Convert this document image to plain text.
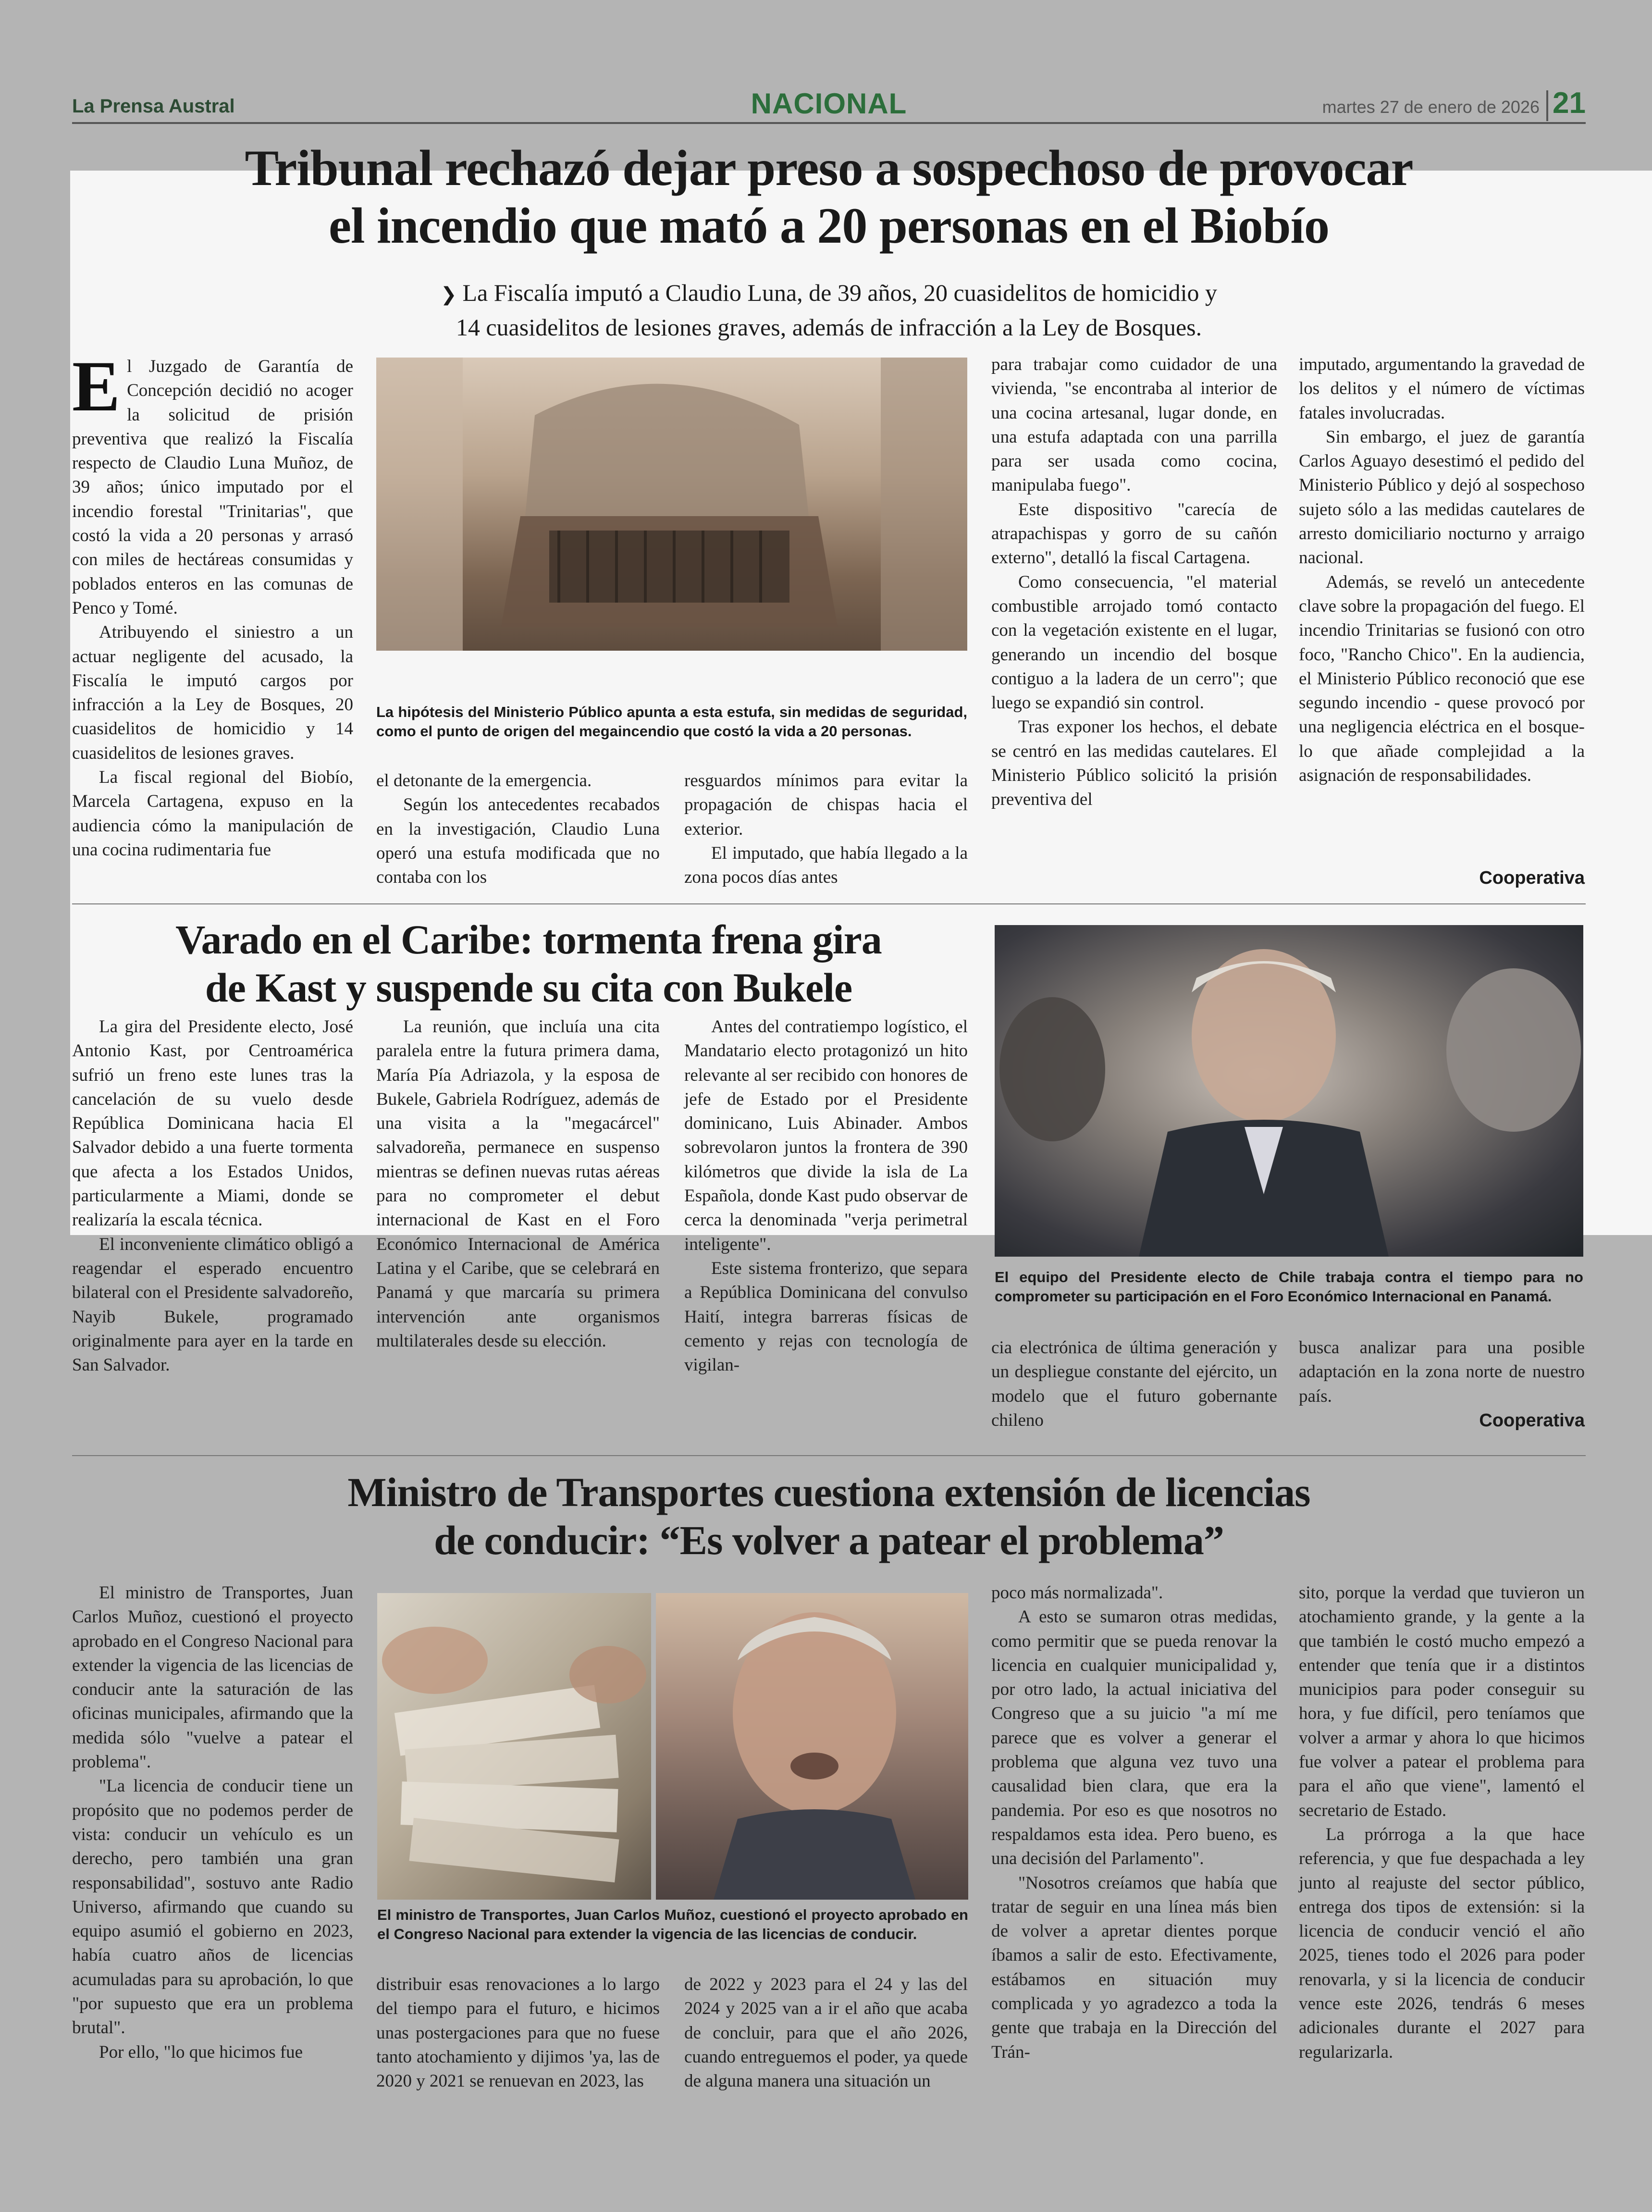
La Prensa Austral	NACIONAL	martes 27 de enero de 2026 21
Tribunal rechazó dejar preso a sospechoso de provocar
el incendio que mató a 20 personas en el Biobío
❯ La Fiscalía imputó a Claudio Luna, de 39 años, 20 cuasidelitos de homicidio y
14 cuasidelitos de lesiones graves, además de infracción a la Ley de Bosques.

El Juzgado de Garantía de Concepción decidió no acoger la solicitud de prisión preventiva que realizó la Fiscalía respecto de Claudio Luna Muñoz, de 39 años; único imputado por el incendio forestal "Trinitarias", que costó la vida a 20 personas y arrasó con miles de hectáreas consumidas y poblados enteros en las comunas de Penco y Tomé.

Atribuyendo el siniestro a un actuar negligente del acusado, la Fiscalía le imputó cargos por infracción a la Ley de Bosques, 20 cuasidelitos de homicidio y 14 cuasidelitos de lesiones graves.

La fiscal regional del Biobío, Marcela Cartagena, expuso en la audiencia cómo la manipulación de una cocina rudimentaria fue

La hipótesis del Ministerio Público apunta a esta estufa, sin medidas de seguridad, como el punto de origen del megaincendio que costó la vida a 20 personas.

el detonante de la emergencia.

Según los antecedentes recabados en la investigación, Claudio Luna operó una estufa modificada que no contaba con los

resguardos mínimos para evitar la propagación de chispas hacia el exterior.

El imputado, que había llegado a la zona pocos días antes

para trabajar como cuidador de una vivienda, "se encontraba al interior de una cocina artesanal, lugar donde, en una estufa adaptada con una parrilla para ser usada como cocina, manipulaba fuego".

Este dispositivo "carecía de atrapachispas y gorro de su cañón externo", detalló la fiscal Cartagena.

Como consecuencia, "el material combustible arrojado tomó contacto con la vegetación existente en el lugar, generando un incendio del bosque contiguo a la ladera de un cerro"; que luego se expandió sin control.

Tras exponer los hechos, el debate se centró en las medidas cautelares. El Ministerio Público solicitó la prisión preventiva del

imputado, argumentando la gravedad de los delitos y el número de víctimas fatales involucradas.

Sin embargo, el juez de garantía Carlos Aguayo desestimó el pedido del Ministerio Público y dejó al sospechoso sujeto sólo a las medidas cautelares de arresto domiciliario nocturno y arraigo nacional.

Además, se reveló un antecedente clave sobre la propagación del fuego. El incendio Trinitarias se fusionó con otro foco, "Rancho Chico". En la audiencia, el Ministerio Público reconoció que ese segundo incendio - quese provocó por una negligencia eléctrica en el bosque- lo que añade complejidad a la asignación de responsabilidades.

Cooperativa
Varado en el Caribe: tormenta frena gira
de Kast y suspende su cita con Bukele

La gira del Presidente electo, José Antonio Kast, por Centroamérica sufrió un freno este lunes tras la cancelación de su vuelo desde República Dominicana hacia El Salvador debido a una fuerte tormenta que afecta a los Estados Unidos, particularmente a Miami, donde se realizaría la escala técnica.

El inconveniente climático obligó a reagendar el esperado encuentro bilateral con el Presidente salvadoreño, Nayib Bukele, programado originalmente para ayer en la tarde en San Salvador.

La reunión, que incluía una cita paralela entre la futura primera dama, María Pía Adriazola, y la esposa de Bukele, Gabriela Rodríguez, además de una visita a la "megacárcel" salvadoreña, permanece en suspenso mientras se definen nuevas rutas aéreas para no comprometer el debut internacional de Kast en el Foro Económico Internacional de América Latina y el Caribe, que se celebrará en Panamá y que marcaría su primera intervención ante organismos multilaterales desde su elección.

Antes del contratiempo logístico, el Mandatario electo protagonizó un hito relevante al ser recibido con honores de jefe de Estado por el Presidente dominicano, Luis Abinader. Ambos sobrevolaron juntos la frontera de 390 kilómetros que divide la isla de La Española, donde Kast pudo observar de cerca la denominada "verja perimetral inteligente".

Este sistema fronterizo, que separa a República Dominicana del convulso Haití, integra barreras físicas de cemento y rejas con tecnología de vigilan-

El equipo del Presidente electo de Chile trabaja contra el tiempo para no comprometer su participación en el Foro Económico Internacional en Panamá.

cia electrónica de última generación y un despliegue constante del ejército, un modelo que el futuro gobernante chileno

busca analizar para una posible adaptación en la zona norte de nuestro país.

Cooperativa
Ministro de Transportes cuestiona extensión de licencias
de conducir: “Es volver a patear el problema”

El ministro de Transportes, Juan Carlos Muñoz, cuestionó el proyecto aprobado en el Congreso Nacional para extender la vigencia de las licencias de conducir ante la saturación de las oficinas municipales, afirmando que la medida sólo "vuelve a patear el problema".

"La licencia de conducir tiene un propósito que no podemos perder de vista: conducir un vehículo es un derecho, pero también una gran responsabilidad", sostuvo ante Radio Universo, afirmando que cuando su equipo asumió el gobierno en 2023, había cuatro años de licencias acumuladas para su aprobación, lo que "por supuesto que era un problema brutal".

Por ello, "lo que hicimos fue

El ministro de Transportes, Juan Carlos Muñoz, cuestionó el proyecto aprobado en el Congreso Nacional para extender la vigencia de las licencias de conducir.

distribuir esas renovaciones a lo largo del tiempo para el futuro, e hicimos unas postergaciones para que no fuese tanto atochamiento y dijimos 'ya, las de 2020 y 2021 se renuevan en 2023, las

de 2022 y 2023 para el 24 y las del 2024 y 2025 van a ir el año que acaba de concluir, para que el año 2026, cuando entreguemos el poder, ya quede de alguna manera una situación un

poco más normalizada".

A esto se sumaron otras medidas, como permitir que se pueda renovar la licencia en cualquier municipalidad y, por otro lado, la actual iniciativa del Congreso que a su juicio "a mí me parece que es volver a generar el problema que alguna vez tuvo una causalidad bien clara, que era la pandemia. Por eso es que nosotros no respaldamos esta idea. Pero bueno, es una decisión del Parlamento".

"Nosotros creíamos que había que tratar de seguir en una línea más bien de volver a apretar dientes porque íbamos a salir de esto. Efectivamente, estábamos en situación muy complicada y yo agradezco a toda la gente que trabaja en la Dirección del Trán-

sito, porque la verdad que tuvieron un atochamiento grande, y la gente a la que también le costó mucho empezó a entender que tenía que ir a distintos municipios para poder conseguir su hora, y fue difícil, pero teníamos que volver a armar y ahora lo que hicimos fue volver a patear el problema para para el año que viene", lamentó el secretario de Estado.

La prórroga a la que hace referencia, y que fue despachada a ley junto al reajuste del sector público, entrega dos tipos de extensión: si la licencia de conducir venció el año 2025, tienes todo el 2026 para poder renovarla, y si la licencia de conducir vence este 2026, tendrás 6 meses adicionales durante el 2027 para regularizarla.
